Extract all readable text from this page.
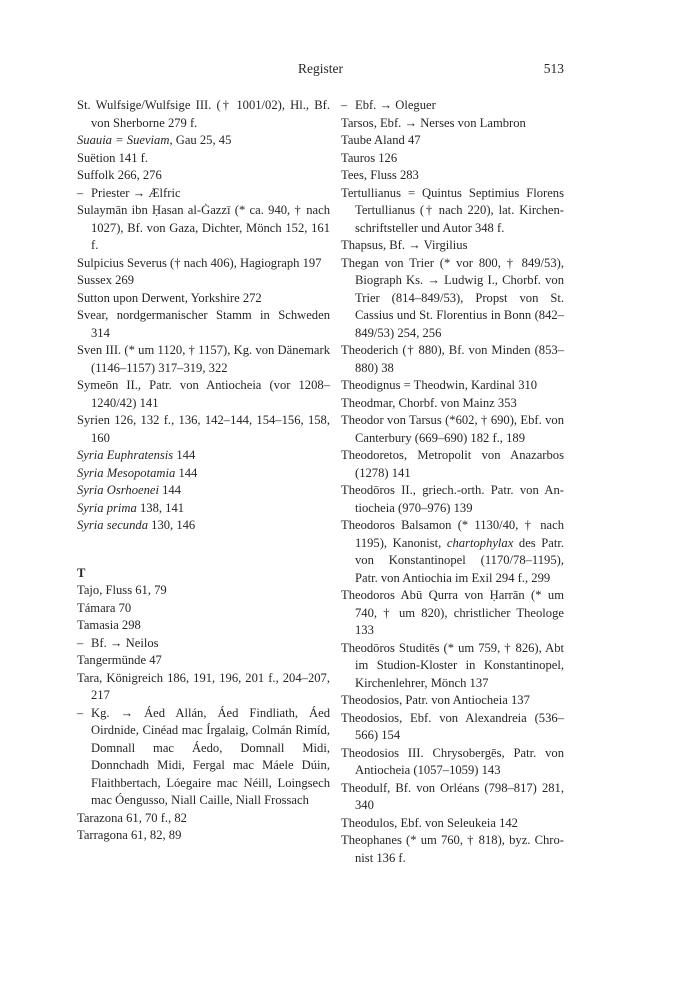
Register	513

St. Wulfsige/Wulfsige III. († 1001/02), Hl., Bf. von Sherborne 279 f.

Suauia = Sueviam, Gau 25, 45

Suëtion 141 f.

Suffolk 266, 276

– Priester → Ælfric

Sulaymān ibn Ḥasan al-Ġazzī (* ca. 940, † nach 1027), Bf. von Gaza, Dichter, Mönch 152, 161 f.

Sulpicius Severus († nach 406), Hagiograph 197

Sussex 269

Sutton upon Derwent, Yorkshire 272

Svear, nordgermanischer Stamm in Schweden 314

Sven III. (* um 1120, † 1157), Kg. von Dänemark (1146–1157) 317–319, 322

Symeōn II., Patr. von Antiocheia (vor 1208–1240/42) 141

Syrien 126, 132 f., 136, 142–144, 154–156, 158, 160

Syria Euphratensis 144

Syria Mesopotamia 144

Syria Osrhoenei 144

Syria prima 138, 141

Syria secunda 130, 146

T

Tajo, Fluss 61, 79

Támara 70

Tamasia 298

– Bf. → Neilos

Tangermünde 47

Tara, Königreich 186, 191, 196, 201 f., 204–207, 217

– Kg. → Áed Allán, Áed Findliath, Áed Oirdnide, Cinéad mac Írgalaig, Colmán Rimíd, Domnall mac Áedo, Domnall Midi, Donnchadh Midi, Fergal mac Máele Dúin, Flaithbertach, Lóegaire mac Néill, Loingsech mac Óengusso, Niall Caille, Niall Frossach

Tarazona 61, 70 f., 82

Tarragona 61, 82, 89

– Ebf. → Oleguer

Tarsos, Ebf. → Nerses von Lambron

Taube Aland 47

Tauros 126

Tees, Fluss 283

Tertullianus = Quintus Septimius Florens Tertullianus († nach 220), lat. Kirchenschriftsteller und Autor 348 f.

Thapsus, Bf. → Virgilius

Thegan von Trier (* vor 800, † 849/53), Biograph Ks. → Ludwig I., Chorbf. von Trier (814–849/53), Propst von St. Cassius und St. Florentius in Bonn (842–849/53) 254, 256

Theoderich († 880), Bf. von Minden (853–880) 38

Theodignus = Theodwin, Kardinal 310

Theodmar, Chorbf. von Mainz 353

Theodor von Tarsus (*602, † 690), Ebf. von Canterbury (669–690) 182 f., 189

Theodoretos, Metropolit von Anazarbos (1278) 141

Theodōros II., griech.-orth. Patr. von Antiocheia (970–976) 139

Theodoros Balsamon (* 1130/40, † nach 1195), Kanonist, chartophylax des Patr. von Konstantinopel (1170/78–1195), Patr. von Antiochia im Exil 294 f., 299

Theodoros Abū Qurra von Ḥarrān (* um 740, † um 820), christlicher Theologe 133

Theodōros Studitēs (* um 759, † 826), Abt im Studion-Kloster in Konstantinopel, Kirchenlehrer, Mönch 137

Theodosios, Patr. von Antiocheia 137

Theodosios, Ebf. von Alexandreia (536–566) 154

Theodosios III. Chrysobergēs, Patr. von Antiocheia (1057–1059) 143

Theodulf, Bf. von Orléans (798–817) 281, 340

Theodulos, Ebf. von Seleukeia 142

Theophanes (* um 760, † 818), byz. Chronist 136 f.
